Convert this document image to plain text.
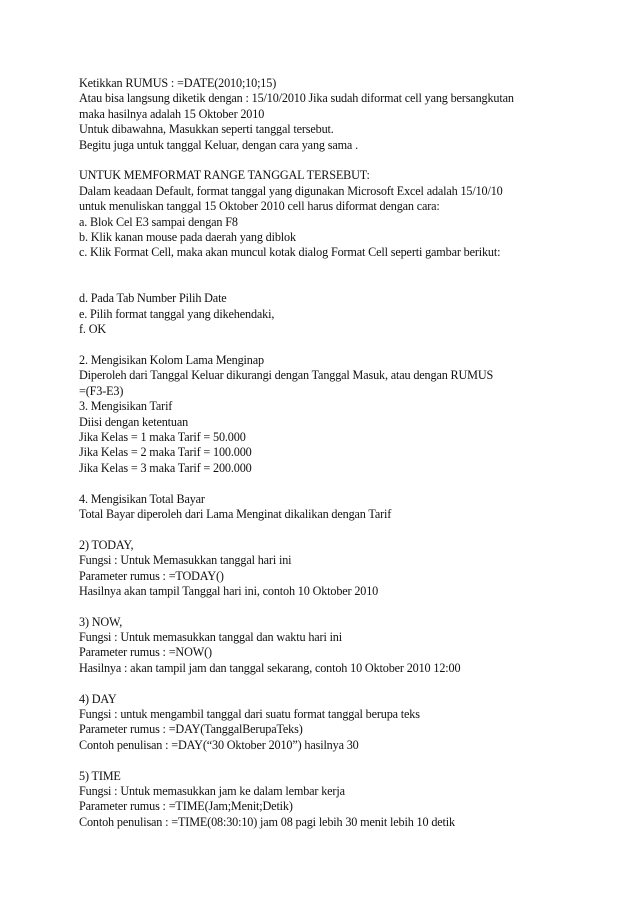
Ketikkan RUMUS : =DATE(2010;10;15)
Atau bisa langsung diketik dengan : 15/10/2010 Jika sudah diformat cell yang bersangkutan
maka hasilnya adalah 15 Oktober 2010
Untuk dibawahna, Masukkan seperti tanggal tersebut.
Begitu juga untuk tanggal Keluar, dengan cara yang sama .
UNTUK MEMFORMAT RANGE TANGGAL TERSEBUT:
Dalam keadaan Default, format tanggal yang digunakan Microsoft Excel adalah 15/10/10
untuk menuliskan tanggal 15 Oktober 2010 cell harus diformat dengan cara:
a. Blok Cel E3 sampai dengan F8
b. Klik kanan mouse pada daerah yang diblok
c. Klik Format Cell, maka akan muncul kotak dialog Format Cell seperti gambar berikut:
d. Pada Tab Number Pilih Date
e. Pilih format tanggal yang dikehendaki,
f. OK
2. Mengisikan Kolom Lama Menginap
Diperoleh dari Tanggal Keluar dikurangi dengan Tanggal Masuk, atau dengan RUMUS
=(F3-E3)
3. Mengisikan Tarif
Diisi dengan ketentuan
Jika Kelas = 1 maka Tarif = 50.000
Jika Kelas = 2 maka Tarif = 100.000
Jika Kelas = 3 maka Tarif = 200.000
4. Mengisikan Total Bayar
Total Bayar diperoleh dari Lama Menginat dikalikan dengan Tarif
2) TODAY,
Fungsi : Untuk Memasukkan tanggal hari ini
Parameter rumus : =TODAY()
Hasilnya akan tampil Tanggal hari ini, contoh 10 Oktober 2010
3) NOW,
Fungsi : Untuk memasukkan tanggal dan waktu hari ini
Parameter rumus : =NOW()
Hasilnya : akan tampil jam dan tanggal sekarang, contoh 10 Oktober 2010 12:00
4) DAY
Fungsi : untuk mengambil tanggal dari suatu format tanggal berupa teks
Parameter rumus : =DAY(TanggalBerupaTeks)
Contoh penulisan : =DAY(“30 Oktober 2010”) hasilnya 30
5) TIME
Fungsi : Untuk memasukkan jam ke dalam lembar kerja
Parameter rumus : =TIME(Jam;Menit;Detik)
Contoh penulisan : =TIME(08:30:10) jam 08 pagi lebih 30 menit lebih 10 detik
